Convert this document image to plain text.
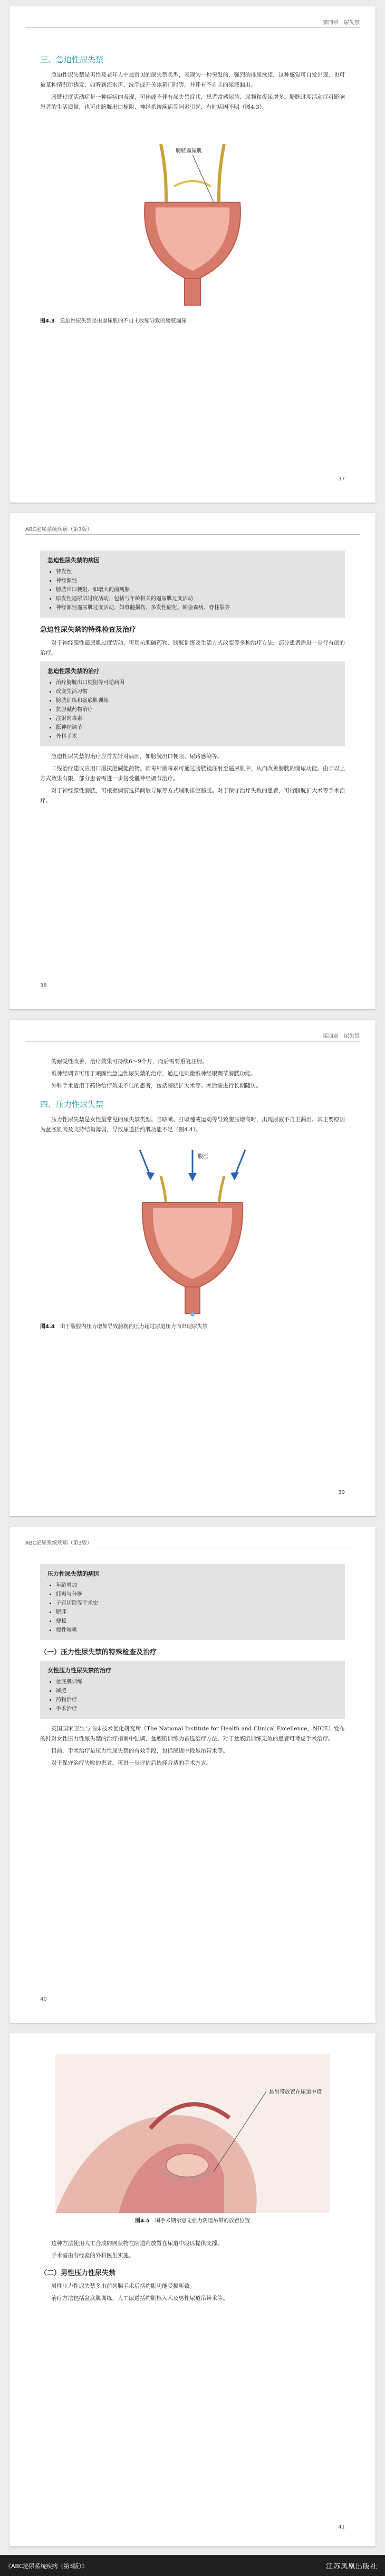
第四章　尿失禁
三、急迫性尿失禁

急迫性尿失禁是男性及老年人中最常见的尿失禁类型，表现为一种突发的、强烈的排尿欲望，这种感觉可自发出现，也可被某种情况所诱发，如听到流水声、洗手或开关冰箱门时等，并伴有不自主的尿液漏出。

膀胱过度活动症是一种疾病的表现，可伴或不伴有尿失禁症状，患者常感尿急、尿频和夜尿增多。膀胱过度活动症可影响患者的生活质量，也可由膀胱出口梗阻、神经系统疾病等因素引起，有时病因不明（图4.3）。

膀胱逼尿肌
图4.3 急迫性尿失禁是由逼尿肌的不自主收缩导致的膀胱漏尿
37
ABC泌尿系统疾病（第3版）
急迫性尿失禁的病因
• 特发性
• 神经源性
• 膀胱出口梗阻、如增大的前列腺
• 原发性逼尿肌过度活动，包括与年龄相关的逼尿肌过度活动
• 神经源性逼尿肌过度活动，如脊髓损伤、多发性硬化、帕金森病、脊柱裂等
急迫性尿失禁的特殊检查及治疗

对于神经源性逼尿肌过度活动，可用抗胆碱药物、膀胱训练及生活方式改变等多种治疗方法，部分患者需进一步行有创的治疗。

急迫性尿失禁的治疗
• 治疗膀胱出口梗阻等可逆病因
• 改变生活习惯
• 膀胱训练和盆底肌训练
• 抗胆碱药物治疗
• 注射肉毒素
• 骶神经调节
• 外科手术

急迫性尿失禁的治疗应首先针对病因，如膀胱出口梗阻、尿路感染等。

二线治疗建议应用口服抗胆碱能药物。肉毒杆菌毒素可通过膀胱镜注射至逼尿肌中，从而改善膀胱的储尿功能。由于以上方式效果有限，部分患者需进一步接受骶神经调节治疗。

对于神经源性膀胱，可根据病情选择间歇导尿等方式辅助排空膀胱。对于保守治疗失败的患者，可行膀胱扩大术等手术治疗。

38
第四章　尿失禁

的耐受性改善，治疗效果可持续6～9个月，而后需要重复注射。

骶神经调节可用于顽固性急迫性尿失禁的治疗，通过电刺激骶神经根调节膀胱功能。

外科手术适用于药物治疗效果不佳的患者，包括膀胱扩大术等。术后需进行长期随访。

四、压力性尿失禁

压力性尿失禁是女性最常见的尿失禁类型。当咳嗽、打喷嚏或运动等导致腹压增高时，出现尿液不自主漏出。其主要原因为盆底肌肉及支持结构薄弱，导致尿道括约肌功能不足（图4.4）。

腹压
图4.4 由于腹腔内压力增加导致膀胱内压力超过尿道压力而出现尿失禁
39
ABC泌尿系统疾病（第3版）
压力性尿失禁的病因
• 年龄增加
• 妊娠与分娩
• 子宫切除等手术史
• 肥胖
• 便秘
• 慢性咳嗽
（一）压力性尿失禁的特殊检查及治疗
女性压力性尿失禁的治疗
• 盆底肌训练
• 减肥
• 药物治疗
• 手术治疗

英国国家卫生与临床技术优化研究所（The National Institute for Health and Clinical Excellence，NICE）发布的针对女性压力性尿失禁的治疗指南中强调，盆底肌训练为首选治疗方法，对于盆底肌训练无效的患者可考虑手术治疗。

目前，手术治疗是压力性尿失禁的有效手段，包括尿道中段悬吊带术等。

对于保守治疗失败的患者，可进一步评估后选择合适的手术方式。

40
悬吊带放置在尿道中段
图4.5 围手术期示意无张力阴道吊带的放置位置

这种方法使用人工合成的网状物在阴道内放置在尿道中段以提供支撑。

手术需由有经验的外科医生实施。

（二）男性压力性尿失禁

男性压力性尿失禁多由前列腺手术后括约肌功能受损所致。

治疗方法包括盆底肌训练、人工尿道括约肌植入术及男性尿道吊带术等。

41
《ABC泌尿系统疾病（第3版）》	江苏凤凰出版社
